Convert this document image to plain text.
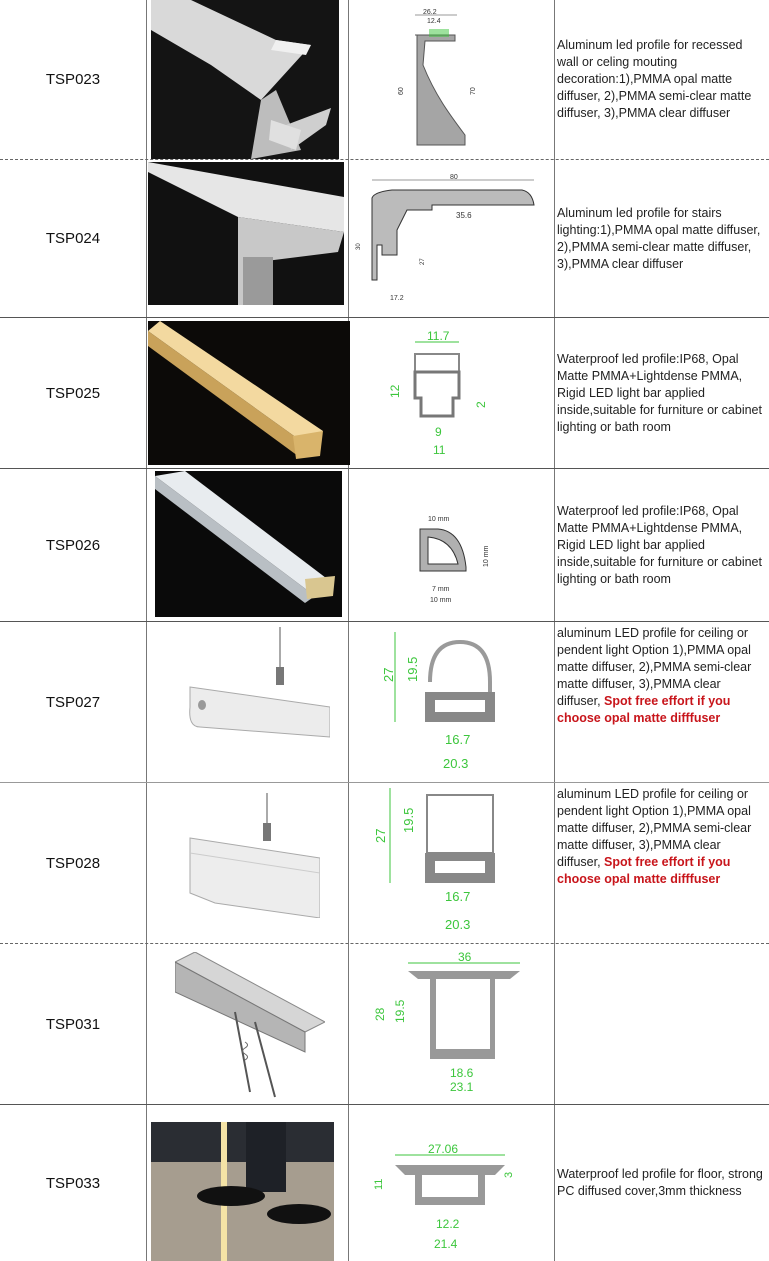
TSP023
26.2
12.4
60	70
Aluminum led profile for recessed wall or celing mouting decoration:1),PMMA opal matte diffuser, 2),PMMA semi-clear matte diffuser, 3),PMMA clear diffuser
TSP024
80
35.6
30
27
17.2
Aluminum led profile for stairs lighting:1),PMMA opal matte diffuser, 2),PMMA semi-clear matte diffuser, 3),PMMA clear diffuser
TSP025
11.7
12
2
9
11
Waterproof led profile:IP68, Opal Matte PMMA+Lightdense PMMA, Rigid LED light bar applied inside,suitable for furniture or cabinet lighting or bath room
TSP026
10 mm
10 mm
7 mm
10 mm
Waterproof led profile:IP68, Opal Matte PMMA+Lightdense PMMA, Rigid LED light bar applied inside,suitable for furniture or cabinet lighting or bath room
TSP027
27 19.5
16.7
20.3
aluminum LED profile for ceiling or pendent light Option 1),PMMA opal matte diffuser, 2),PMMA semi-clear matte diffuser, 3),PMMA clear diffuser, Spot free effort if you choose opal matte difffuser
TSP028
27
19.5
16.7
20.3
aluminum LED profile for ceiling or pendent light Option 1),PMMA opal matte diffuser, 2),PMMA semi-clear matte diffuser, 3),PMMA clear diffuser, Spot free effort if you choose opal matte difffuser
TSP031
36
28 19.5
18.6
23.1
TSP033
27.06
11
3
12.2
21.4
Waterproof led profile for floor, strong PC diffused cover,3mm thickness
